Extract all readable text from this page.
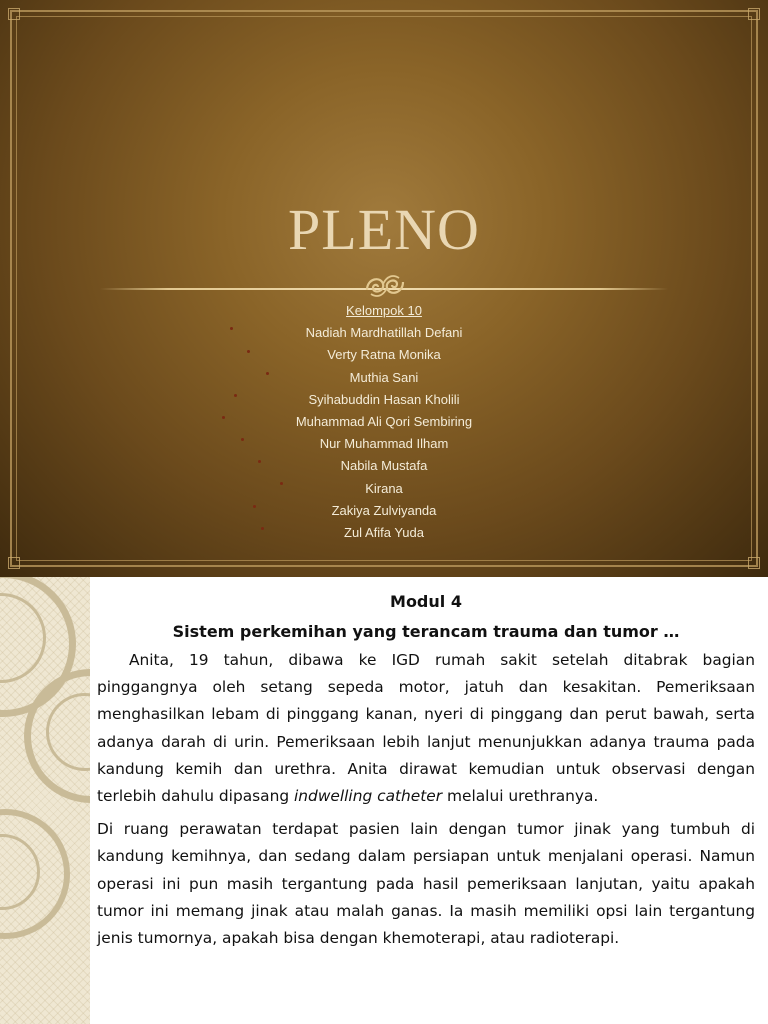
PLENO
Kelompok 10
Nadiah Mardhatillah Defani
Verty Ratna Monika
Muthia Sani
Syihabuddin Hasan Kholili
Muhammad Ali Qori Sembiring
Nur Muhammad Ilham
Nabila Mustafa
Kirana
Zakiya Zulviyanda
Zul Afifa Yuda
Modul 4
Sistem perkemihan yang terancam trauma dan tumor …

Anita, 19 tahun, dibawa ke IGD rumah sakit setelah ditabrak bagian pinggangnya oleh setang sepeda motor, jatuh dan kesakitan. Pemeriksaan menghasilkan lebam di pinggang kanan, nyeri di pinggang dan perut bawah, serta adanya darah di urin. Pemeriksaan lebih lanjut menunjukkan adanya trauma pada kandung kemih dan urethra. Anita dirawat kemudian untuk observasi dengan terlebih dahulu dipasang indwelling catheter melalui urethranya.

Di ruang perawatan terdapat pasien lain dengan tumor jinak yang tumbuh di kandung kemihnya, dan sedang dalam persiapan untuk menjalani operasi. Namun operasi ini pun masih tergantung pada hasil pemeriksaan lanjutan, yaitu apakah tumor ini memang jinak atau malah ganas. Ia masih memiliki opsi lain tergantung jenis tumornya, apakah bisa dengan khemoterapi, atau radioterapi.
